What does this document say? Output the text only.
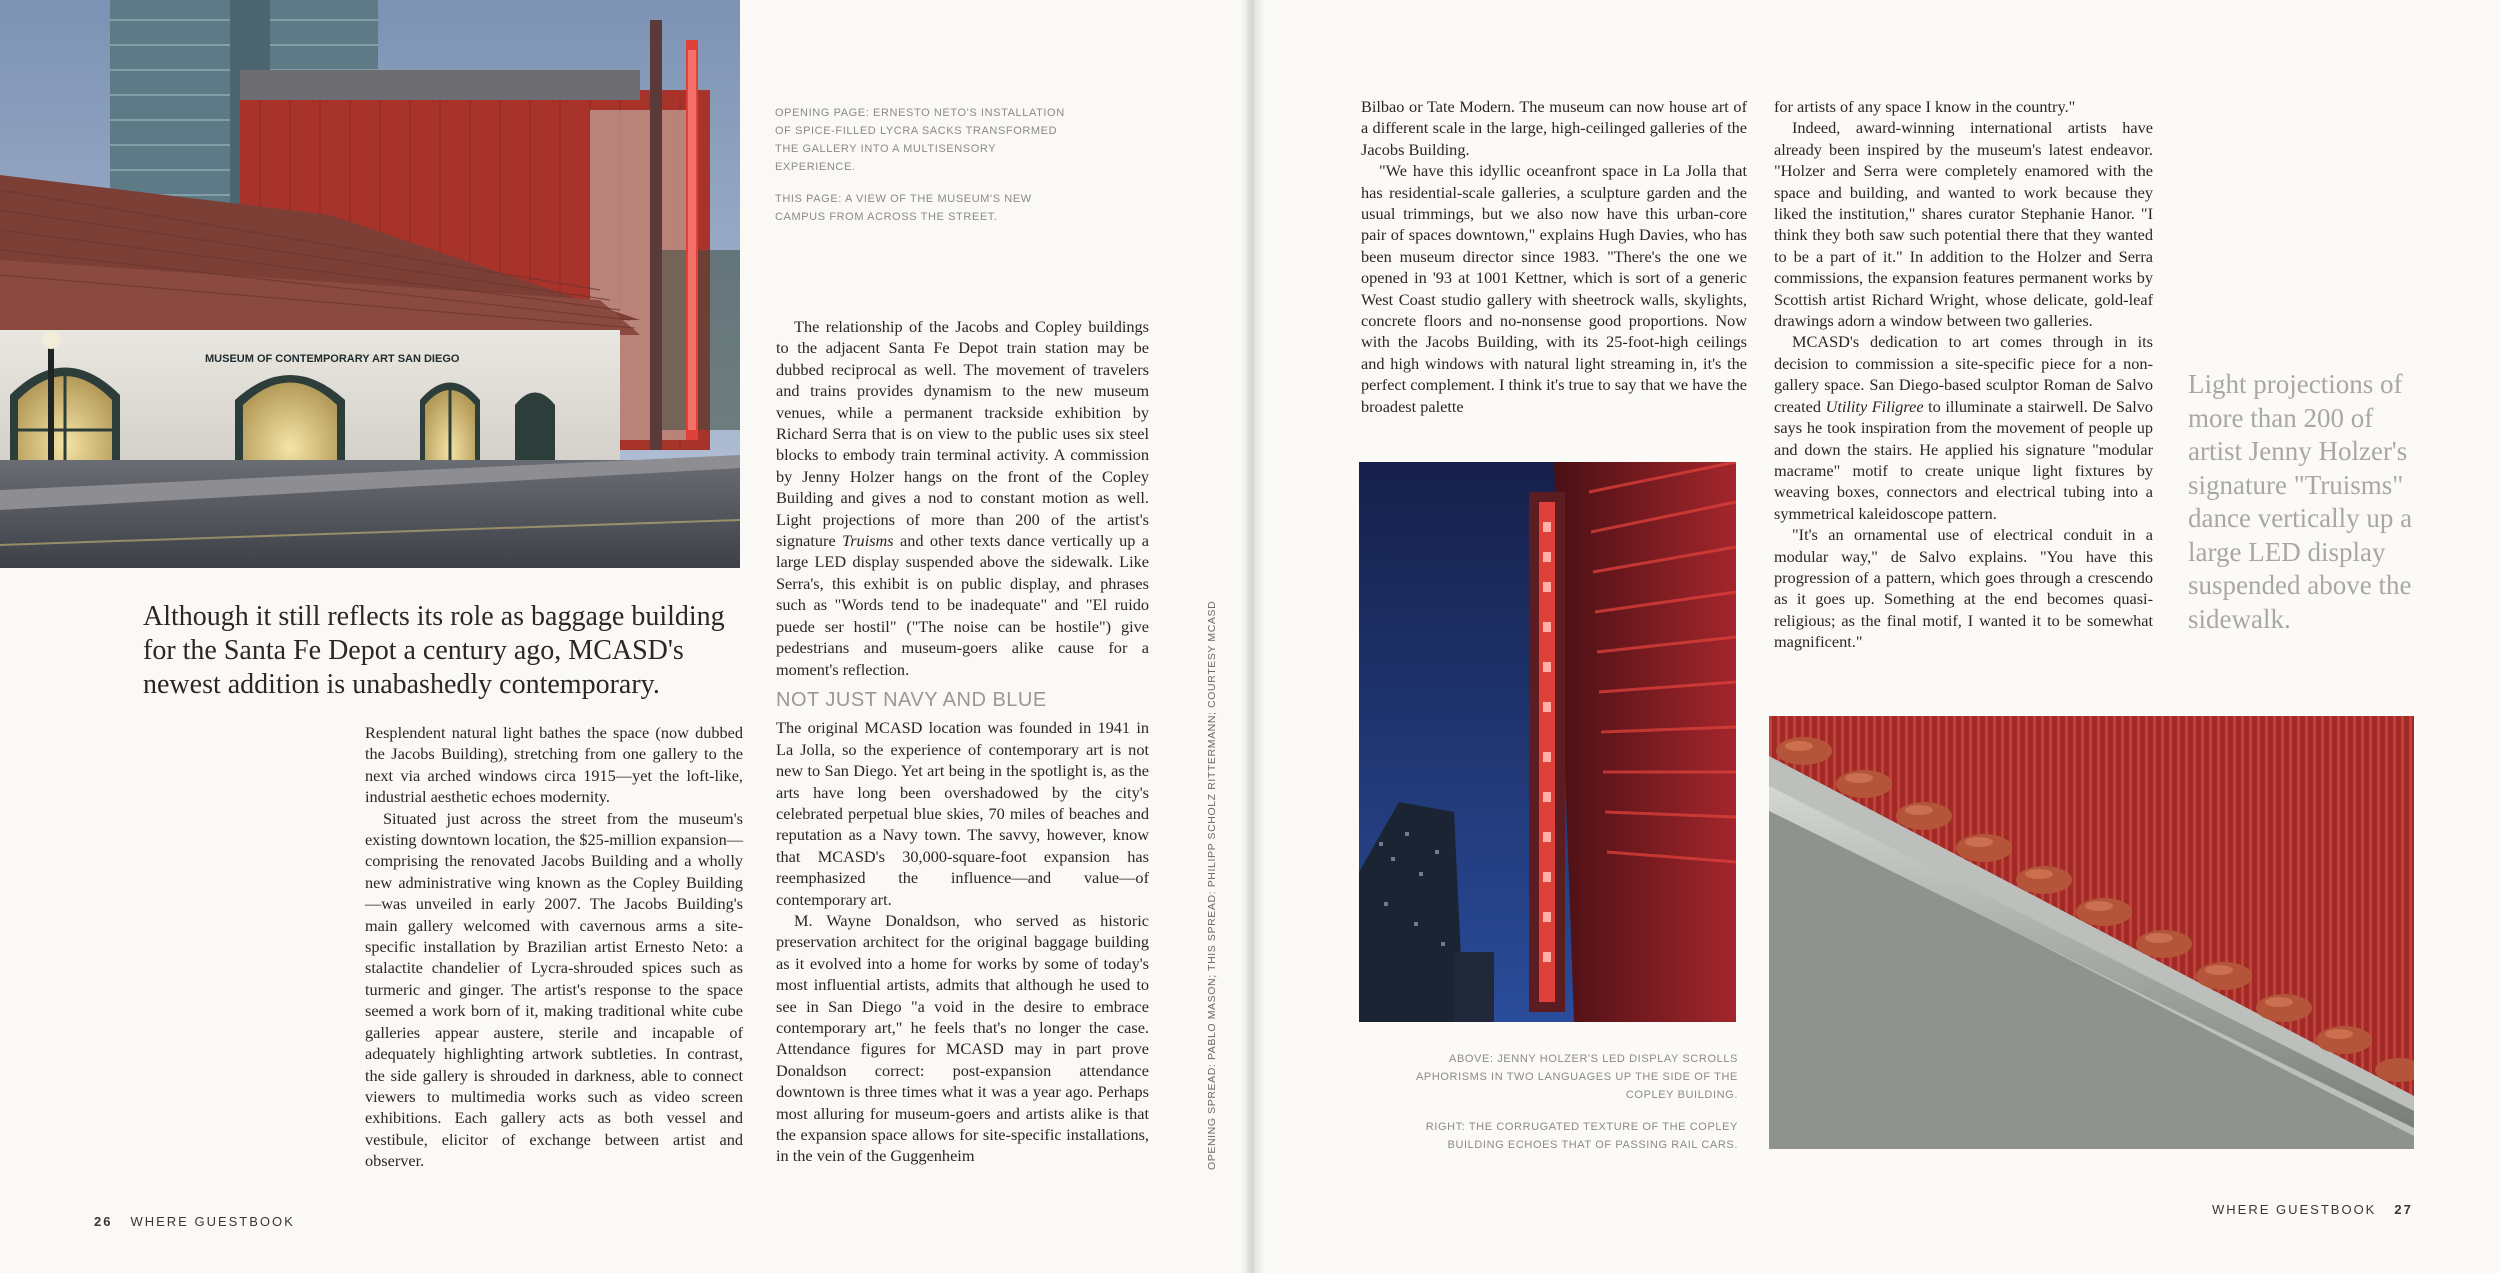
MUSEUM OF CONTEMPORARY ART SAN DIEGO

OPENING PAGE: ERNESTO NETO'S INSTALLATION OF SPICE-FILLED LYCRA SACKS TRANSFORMED THE GALLERY INTO A MULTISENSORY EXPERIENCE.

THIS PAGE: A VIEW OF THE MUSEUM'S NEW CAMPUS FROM ACROSS THE STREET.

Although it still reflects its role as baggage building for the Santa Fe Depot a century ago, MCASD's newest addition is unabashedly contemporary.

Resplendent natural light bathes the space (now dubbed the Jacobs Building), stretching from one gallery to the next via arched windows circa 1915—yet the loft-like, industrial aesthetic echoes modernity.

Situated just across the street from the museum's existing downtown location, the $25-million expansion—comprising the renovated Jacobs Building and a wholly new administrative wing known as the Copley Building—was unveiled in early 2007. The Jacobs Building's main gallery welcomed with cavernous arms a site-specific installation by Brazilian artist Ernesto Neto: a stalactite chandelier of Lycra-shrouded spices such as turmeric and ginger. The artist's response to the space seemed a work born of it, making traditional white cube galleries appear austere, sterile and incapable of adequately highlighting artwork subtleties. In contrast, the side gallery is shrouded in darkness, able to connect viewers to multimedia works such as video screen exhibitions. Each gallery acts as both vessel and vestibule, elicitor of exchange between artist and observer.

The relationship of the Jacobs and Copley buildings to the adjacent Santa Fe Depot train station may be dubbed reciprocal as well. The movement of travelers and trains provides dynamism to the new museum venues, while a permanent trackside exhibition by Richard Serra that is on view to the public uses six steel blocks to embody train terminal activity. A commission by Jenny Holzer hangs on the front of the Copley Building and gives a nod to constant motion as well. Light projections of more than 200 of the artist's signature Truisms and other texts dance vertically up a large LED display suspended above the sidewalk. Like Serra's, this exhibit is on public display, and phrases such as "Words tend to be inadequate" and "El ruido puede ser hostil" ("The noise can be hostile") give pedestrians and museum-goers alike cause for a moment's reflection.

NOT JUST NAVY AND BLUE

The original MCASD location was founded in 1941 in La Jolla, so the experience of contemporary art is not new to San Diego. Yet art being in the spotlight is, as the arts have long been overshadowed by the city's celebrated perpetual blue skies, 70 miles of beaches and reputation as a Navy town. The savvy, however, know that MCASD's 30,000-square-foot expansion has reemphasized the influence—and value—of contemporary art.

M. Wayne Donaldson, who served as historic preservation architect for the original baggage building as it evolved into a home for works by some of today's most influential artists, admits that although he used to see in San Diego "a void in the desire to embrace contemporary art," he feels that's no longer the case. Attendance figures for MCASD may in part prove Donaldson correct: post-expansion attendance downtown is three times what it was a year ago. Perhaps most alluring for museum-goers and artists alike is that the expansion space allows for site-specific installations, in the vein of the Guggenheim	OPENING SPREAD: PABLO MASON; THIS SPREAD: PHILIPP SCHOLZ RITTERMANN; COURTESY MCASD
26 WHERE GUESTBOOK

Bilbao or Tate Modern. The museum can now house art of a different scale in the large, high-ceilinged galleries of the Jacobs Building.

"We have this idyllic oceanfront space in La Jolla that has residential-scale galleries, a sculpture garden and the usual trimmings, but we also now have this urban-core pair of spaces downtown," explains Hugh Davies, who has been museum director since 1983. "There's the one we opened in '93 at 1001 Kettner, which is sort of a generic West Coast studio gallery with sheetrock walls, skylights, concrete floors and no-nonsense good proportions. Now with the Jacobs Building, with its 25-foot-high ceilings and high windows with natural light streaming in, it's the perfect complement. I think it's true to say that we have the broadest palette

for artists of any space I know in the country."

Indeed, award-winning international artists have already been inspired by the museum's latest endeavor. "Holzer and Serra were completely enamored with the space and building, and wanted to work because they liked the institution," shares curator Stephanie Hanor. "I think they both saw such potential there that they wanted to be a part of it." In addition to the Holzer and Serra commissions, the expansion features permanent works by Scottish artist Richard Wright, whose delicate, gold-leaf drawings adorn a window between two galleries.

MCASD's dedication to art comes through in its decision to commission a site-specific piece for a non-gallery space. San Diego-based sculptor Roman de Salvo created Utility Filigree to illuminate a stairwell. De Salvo says he took inspiration from the movement of people up and down the stairs. He applied his signature "modular macrame" motif to create unique light fixtures by weaving boxes, connectors and electrical tubing into a symmetrical kaleidoscope pattern.

"It's an ornamental use of electrical conduit in a modular way," de Salvo explains. "You have this progression of a pattern, which goes through a crescendo as it goes up. Something at the end becomes quasi-religious; as the final motif, I wanted it to be somewhat magnificent."

Light projections of more than 200 of artist Jenny Holzer's signature "Truisms" dance vertically up a large LED display suspended above the sidewalk.

ABOVE: JENNY HOLZER'S LED DISPLAY SCROLLS APHORISMS IN TWO LANGUAGES UP THE SIDE OF THE COPLEY BUILDING.

RIGHT: THE CORRUGATED TEXTURE OF THE COPLEY BUILDING ECHOES THAT OF PASSING RAIL CARS.

WHERE GUESTBOOK 27
